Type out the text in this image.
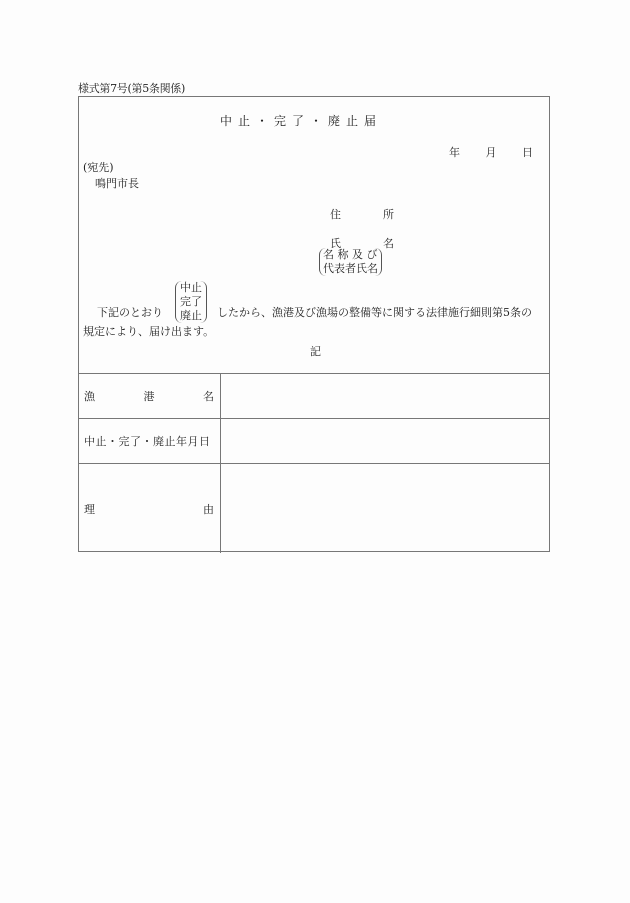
様式第7号(第5条関係)
中 止 ・ 完 了 ・ 廃 止 届
年 月 日
(宛先)
鳴門市長
住	所
氏	名
名 称 及 び
代表者氏名
下記のとおり
中止
完了
廃止 したから、漁港及び漁場の整備等に関する法律施行細則第5条の
規定により、届け出ます。
記
漁	港	名
中止・完了・廃止年月日
理	由
